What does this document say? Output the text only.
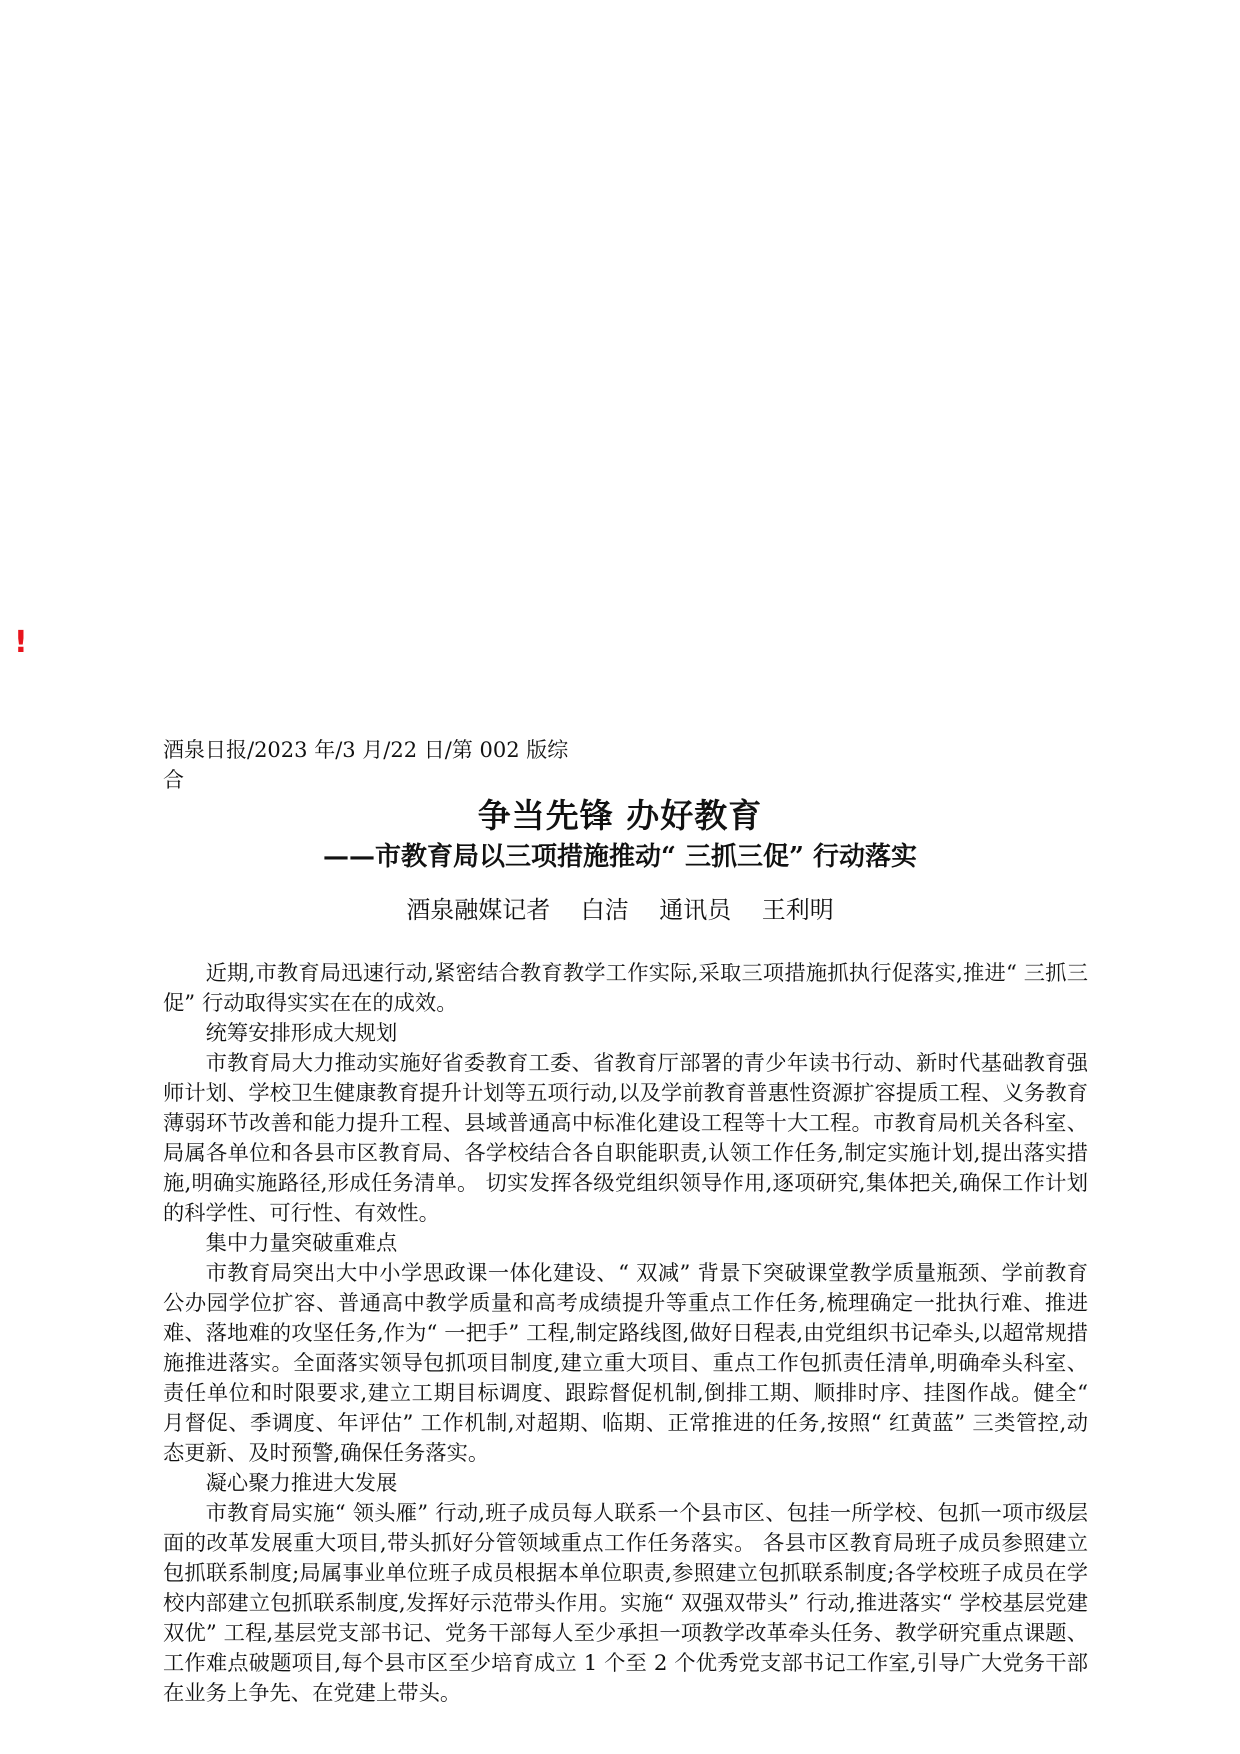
!
酒泉日报/2023 年/3 月/22 日/第 002 版综合
争当先锋 办好教育
——市教育局以三项措施推动“ 三抓三促” 行动落实
酒泉融媒记者    白洁    通讯员    王利明

近期,市教育局迅速行动,紧密结合教育教学工作实际,采取三项措施抓执行促落实,推进“ 三抓三促” 行动取得实实在在的成效。

统筹安排形成大规划

市教育局大力推动实施好省委教育工委、省教育厅部署的青少年读书行动、新时代基础教育强师计划、学校卫生健康教育提升计划等五项行动,以及学前教育普惠性资源扩容提质工程、义务教育薄弱环节改善和能力提升工程、县域普通高中标准化建设工程等十大工程。市教育局机关各科室、局属各单位和各县市区教育局、各学校结合各自职能职责,认领工作任务,制定实施计划,提出落实措施,明确实施路径,形成任务清单。 切实发挥各级党组织领导作用,逐项研究,集体把关,确保工作计划的科学性、可行性、有效性。

集中力量突破重难点

市教育局突出大中小学思政课一体化建设、“ 双减” 背景下突破课堂教学质量瓶颈、学前教育公办园学位扩容、普通高中教学质量和高考成绩提升等重点工作任务,梳理确定一批执行难、推进难、落地难的攻坚任务,作为“ 一把手” 工程,制定路线图,做好日程表,由党组织书记牵头,以超常规措施推进落实。全面落实领导包抓项目制度,建立重大项目、重点工作包抓责任清单,明确牵头科室、责任单位和时限要求,建立工期目标调度、跟踪督促机制,倒排工期、顺排时序、挂图作战。健全“ 月督促、季调度、年评估” 工作机制,对超期、临期、正常推进的任务,按照“ 红黄蓝” 三类管控,动态更新、及时预警,确保任务落实。

凝心聚力推进大发展

市教育局实施“ 领头雁” 行动,班子成员每人联系一个县市区、包挂一所学校、包抓一项市级层面的改革发展重大项目,带头抓好分管领域重点工作任务落实。 各县市区教育局班子成员参照建立包抓联系制度;局属事业单位班子成员根据本单位职责,参照建立包抓联系制度;各学校班子成员在学校内部建立包抓联系制度,发挥好示范带头作用。实施“ 双强双带头” 行动,推进落实“ 学校基层党建双优” 工程,基层党支部书记、党务干部每人至少承担一项教学改革牵头任务、教学研究重点课题、工作难点破题项目,每个县市区至少培育成立 1 个至 2 个优秀党支部书记工作室,引导广大党务干部在业务上争先、在党建上带头。
